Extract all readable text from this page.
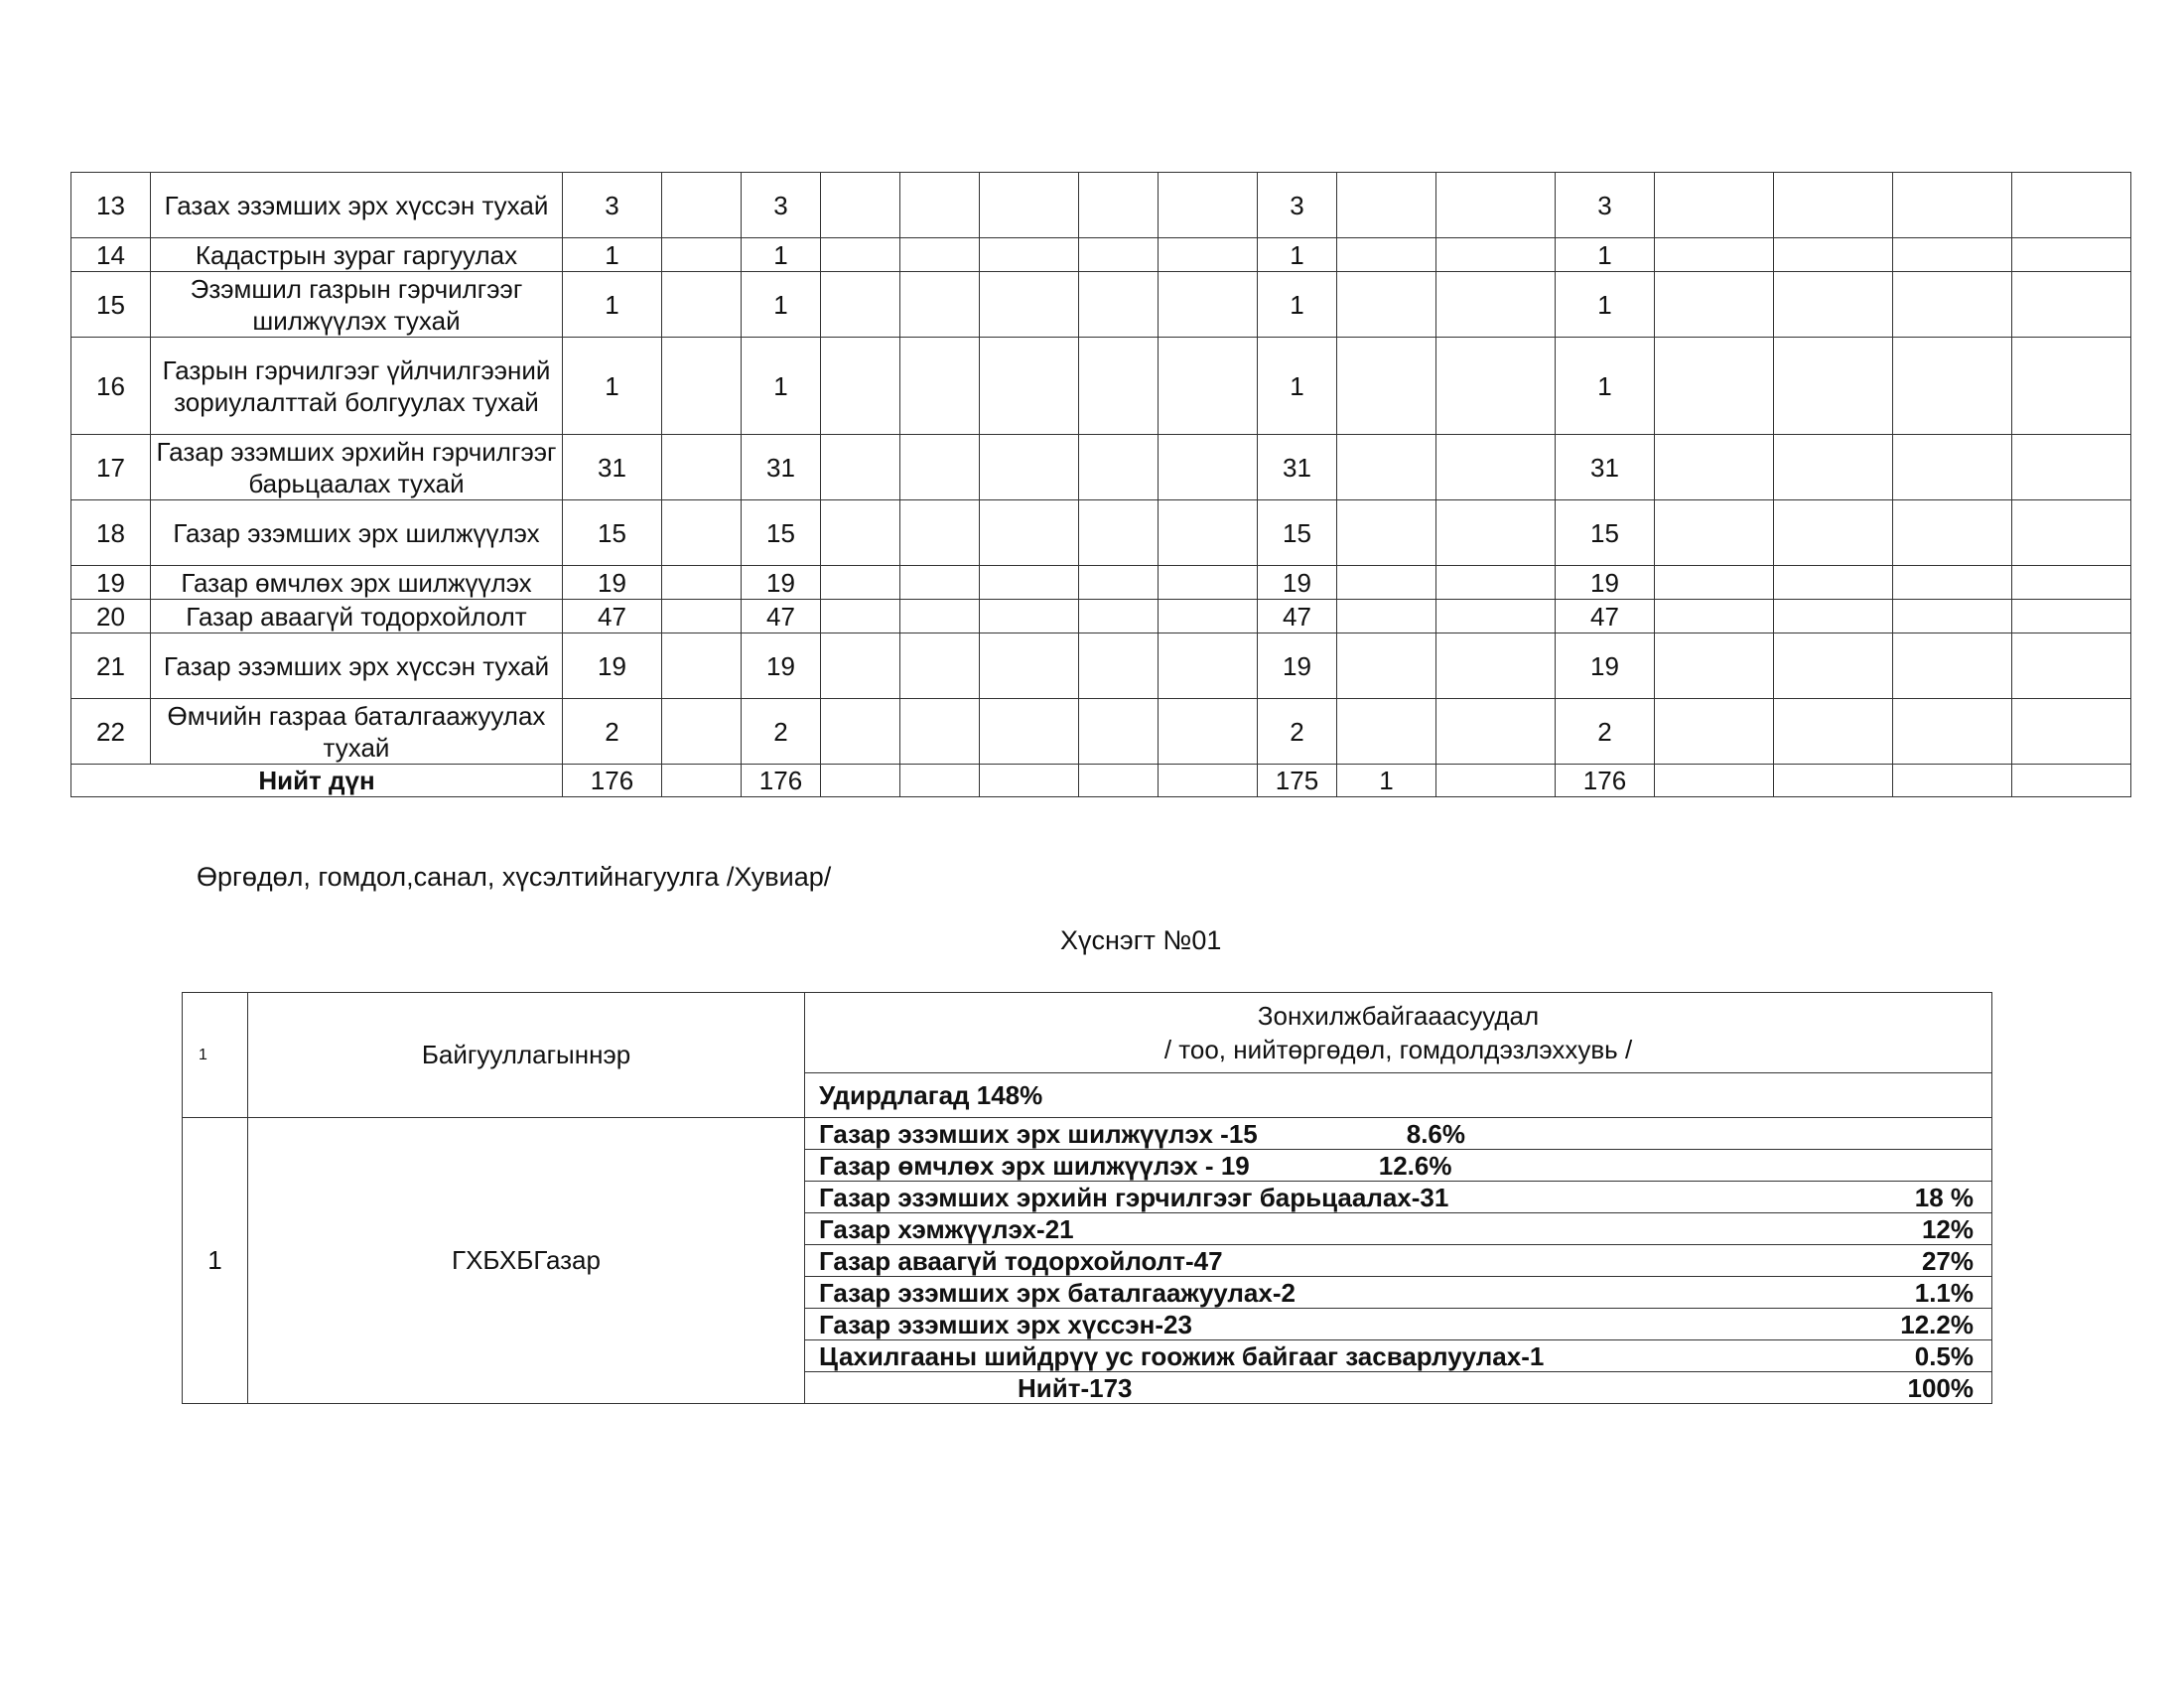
13	Газах эзэмших эрх хүссэн тухай	3		3						3			3				
14	Кадастрын зураг гаргуулах	1		1						1			1				
15	Эзэмшил газрын гэрчилгээг шилжүүлэх тухай	1		1						1			1				
16	Газрын гэрчилгээг үйлчилгээний зориулалттай болгуулах тухай	1		1						1			1				
17	Газар эзэмших эрхийн гэрчилгээг барьцаалах тухай	31		31						31			31				
18	Газар эзэмших эрх шилжүүлэх	15		15						15			15				
19	Газар өмчлөх эрх шилжүүлэх	19		19						19			19				
20	Газар аваагүй тодорхойлолт	47		47						47			47				
21	Газар эзэмших эрх хүссэн тухай	19		19						19			19				
22	Өмчийн газраа баталгаажуулах тухай	2		2						2			2				
Нийт дүн		176		176						175	1		176				
Өргөдөл, гомдол,санал, хүсэлтийнагуулга /Хувиар/
Хүснэгт №01
1	Байгууллагыннэр	Зонхилжбайгаaасуудал
/ тоо, нийтөргөдөл, гомдолдэзлэххувь /

		Удирдлагад 148%
1	ГХБХБГазар	Газар эзэмших эрх шилжүүлэх -15 8.6%

		Газар өмчлөх эрх шилжүүлэх - 19 12.6%

		Газар эзэмших эрхийн гэрчилгээг барьцаалах-31 18 %

		Газар хэмжүүлэх-21 12%

		Газар аваагүй тодорхойлолт-47 27%

		Газар эзэмших эрх баталгаажуулах-2 1.1%

		Газар эзэмших эрх хүссэн-23 12.2%

		Цахилгааны шийдрүү ус гоожиж байгааг засварлуулах-1 0.5%

		Нийт-173 100%
